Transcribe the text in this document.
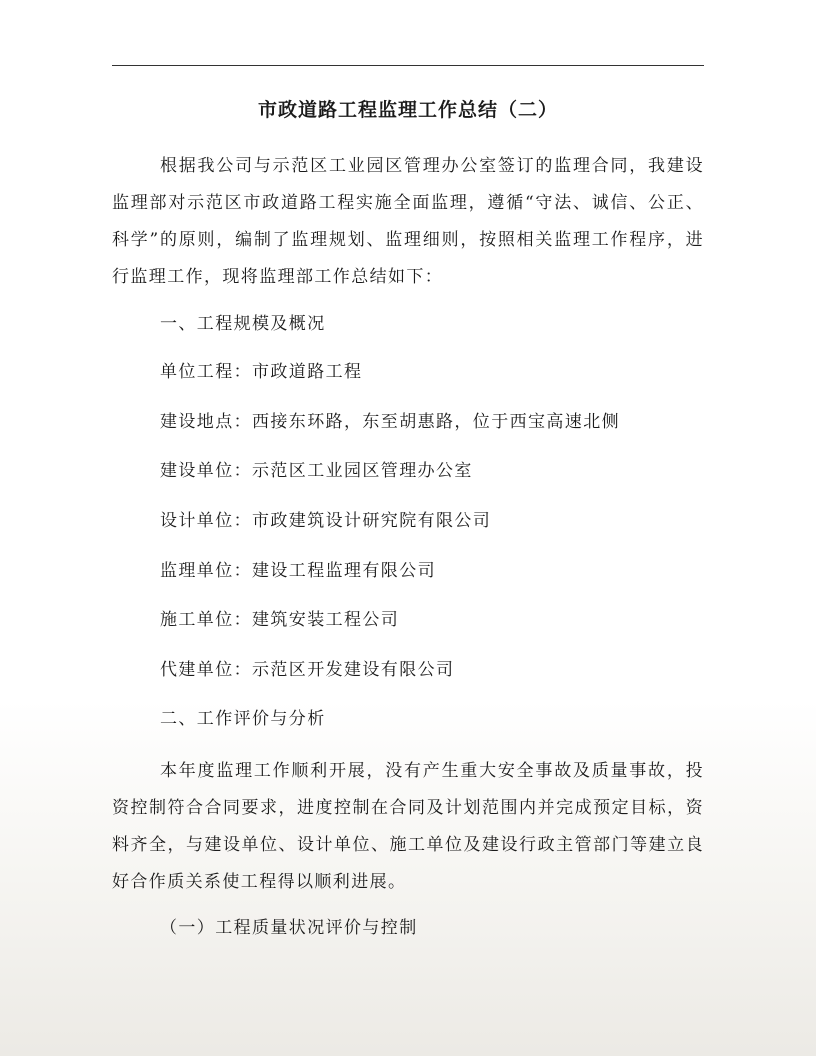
市政道路工程监理工作总结（二）

根据我公司与示范区工业园区管理办公室签订的监理合同，我建设监理部对示范区市政道路工程实施全面监理，遵循“守法、诚信、公正、科学”的原则，编制了监理规划、监理细则，按照相关监理工作程序，进行监理工作，现将监理部工作总结如下：

一、工程规模及概况
单位工程：市政道路工程
建设地点：西接东环路，东至胡惠路，位于西宝高速北侧
建设单位：示范区工业园区管理办公室
设计单位：市政建筑设计研究院有限公司
监理单位：建设工程监理有限公司
施工单位：建筑安装工程公司
代建单位：示范区开发建设有限公司
二、工作评价与分析

本年度监理工作顺利开展，没有产生重大安全事故及质量事故，投资控制符合合同要求，进度控制在合同及计划范围内并完成预定目标，资料齐全，与建设单位、设计单位、施工单位及建设行政主管部门等建立良好合作质关系使工程得以顺利进展。

（一）工程质量状况评价与控制
